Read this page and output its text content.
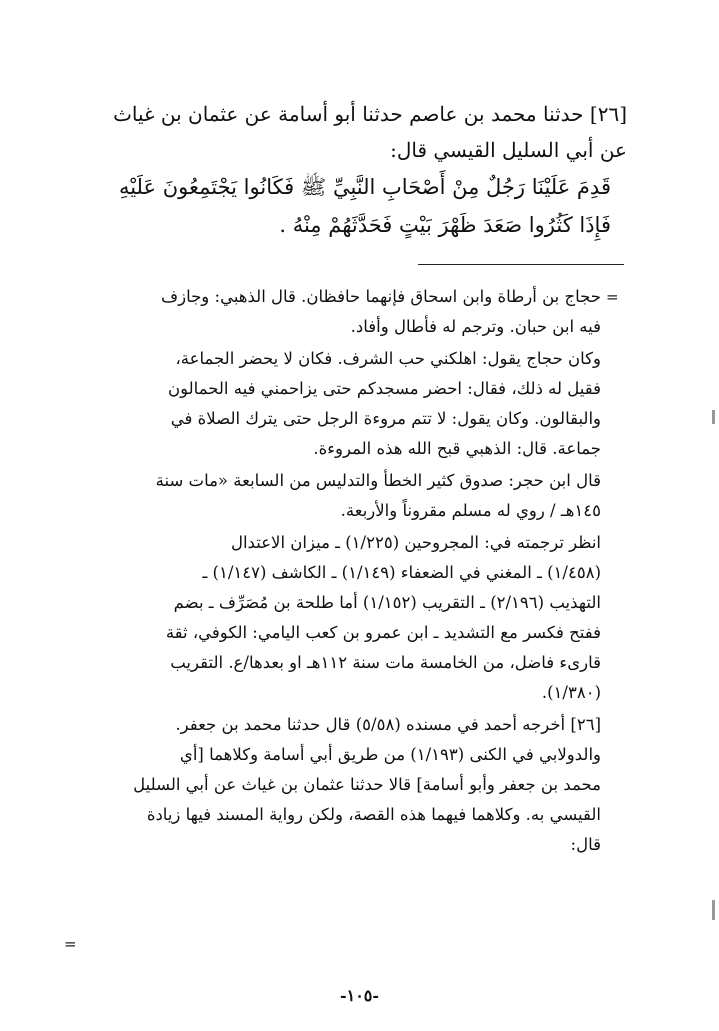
[٢٦] حدثنا محمد بن عاصم حدثنا أبو أسامة عن عثمان بن غياث
عن أبي السليل القيسي قال:
قَدِمَ عَلَيْنَا رَجُلٌ مِنْ أَصْحَابِ النَّبِيِّ ﷺ فَكَانُوا يَجْتَمِعُونَ عَلَيْهِ
فَإِذَا كَثُرُوا صَعَدَ ظَهْرَ بَيْتٍ فَحَدَّثَهُمْ مِنْهُ .
=

حجاج بن أرطاة وابن اسحاق فإنهما حافظان. قال الذهبي: وجازف
فيه ابن حبان. وترجم له فأطال وأفاد.

وكان حجاج يقول: اهلكني حب الشرف. فكان لا يحضر الجماعة،
فقيل له ذلك، فقال: احضر مسجدكم حتى يزاحمني فيه الحمالون
والبقالون. وكان يقول: لا تتم مروءة الرجل حتى يترك الصلاة في
جماعة. قال: الذهبي قبح الله هذه المروءة.

قال ابن حجر: صدوق كثير الخطأ والتدليس من السابعة «مات سنة
١٤٥هـ / روي له مسلم مقروناً والأربعة.

انظر ترجمته في: المجروحين (١/٢٢٥) ـ ميزان الاعتدال
(١/٤٥٨) ـ المغني في الضعفاء (١/١٤٩) ـ الكاشف (١/١٤٧) ـ
التهذيب (٢/١٩٦) ـ التقريب (١/١٥٢) أما طلحة بن مُصَرِّف ـ بضم
ففتح فكسر مع التشديد ـ ابن عمرو بن كعب اليامي: الكوفي، ثقة
قارىء فاضل، من الخامسة مات سنة ١١٢هـ او بعدها/ع. التقريب
(١/٣٨٠).

[٢٦] أخرجه أحمد في مسنده (٥/٥٨) قال حدثنا محمد بن جعفر.
والدولابي في الكنى (١/١٩٣) من طريق أبي أسامة وكلاهما [أي
محمد بن جعفر وأبو أسامة] قالا حدثنا عثمان بن غياث عن أبي السليل
القيسي به. وكلاهما فيهما هذه القصة، ولكن رواية المسند فيها زيادة
قال:

=
-١٠٥-
